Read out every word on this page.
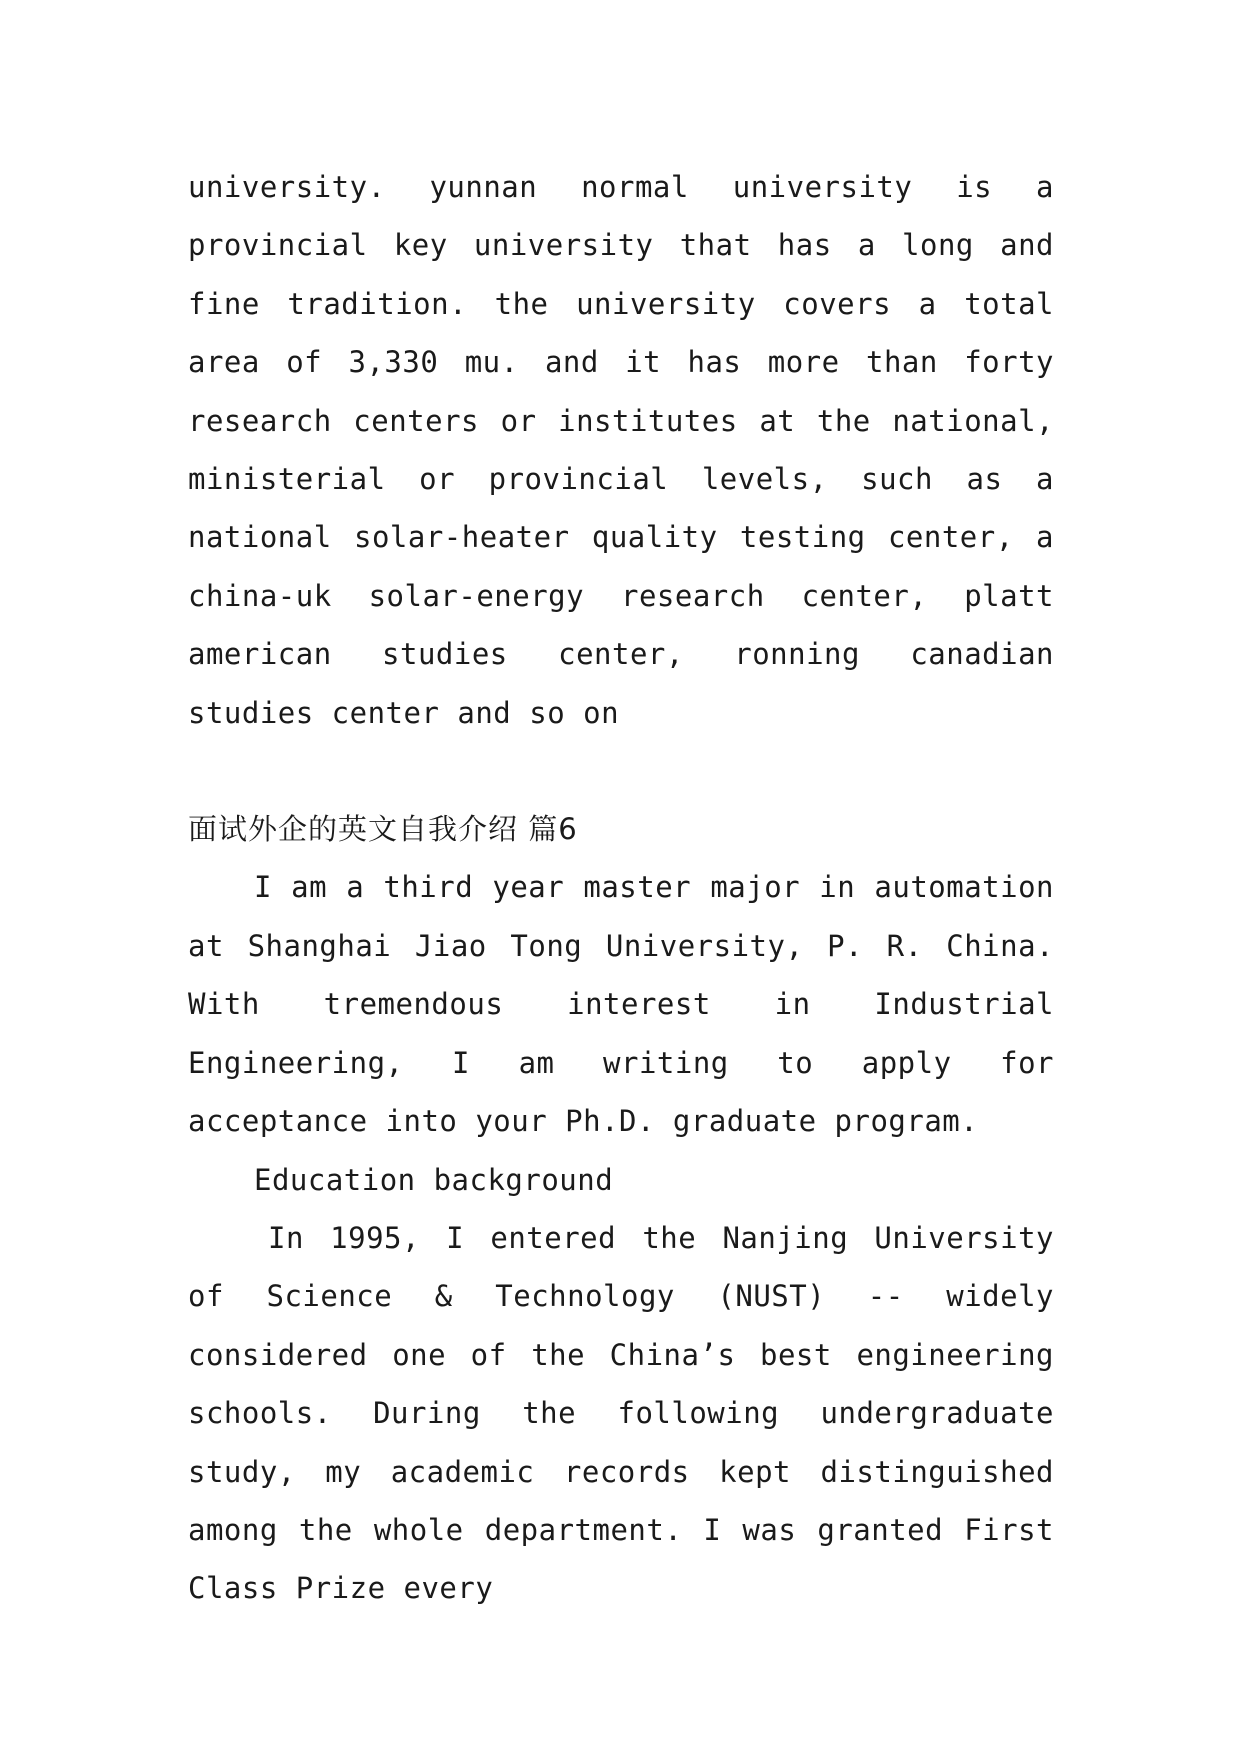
university. yunnan normal university is a provincial key university that has a long and fine tradition. the university covers a total area of 3,330 mu. and it has more than forty research centers or institutes at the national, ministerial or provincial levels, such as a national solar-heater quality testing center, a china-uk solar-energy research center, platt american studies center, ronning canadian studies center and so on

面试外企的英文自我介绍 篇6

I am a third year master major in automation at Shanghai Jiao Tong University, P. R. China. With tremendous interest in Industrial Engineering, I am writing to apply for acceptance into your Ph.D. graduate program.

Education background

In 1995, I entered the Nanjing University of Science & Technology (NUST) -- widely considered one of the China’s best engineering schools. During the following undergraduate study, my academic records kept distinguished among the whole department. I was granted First Class Prize every
